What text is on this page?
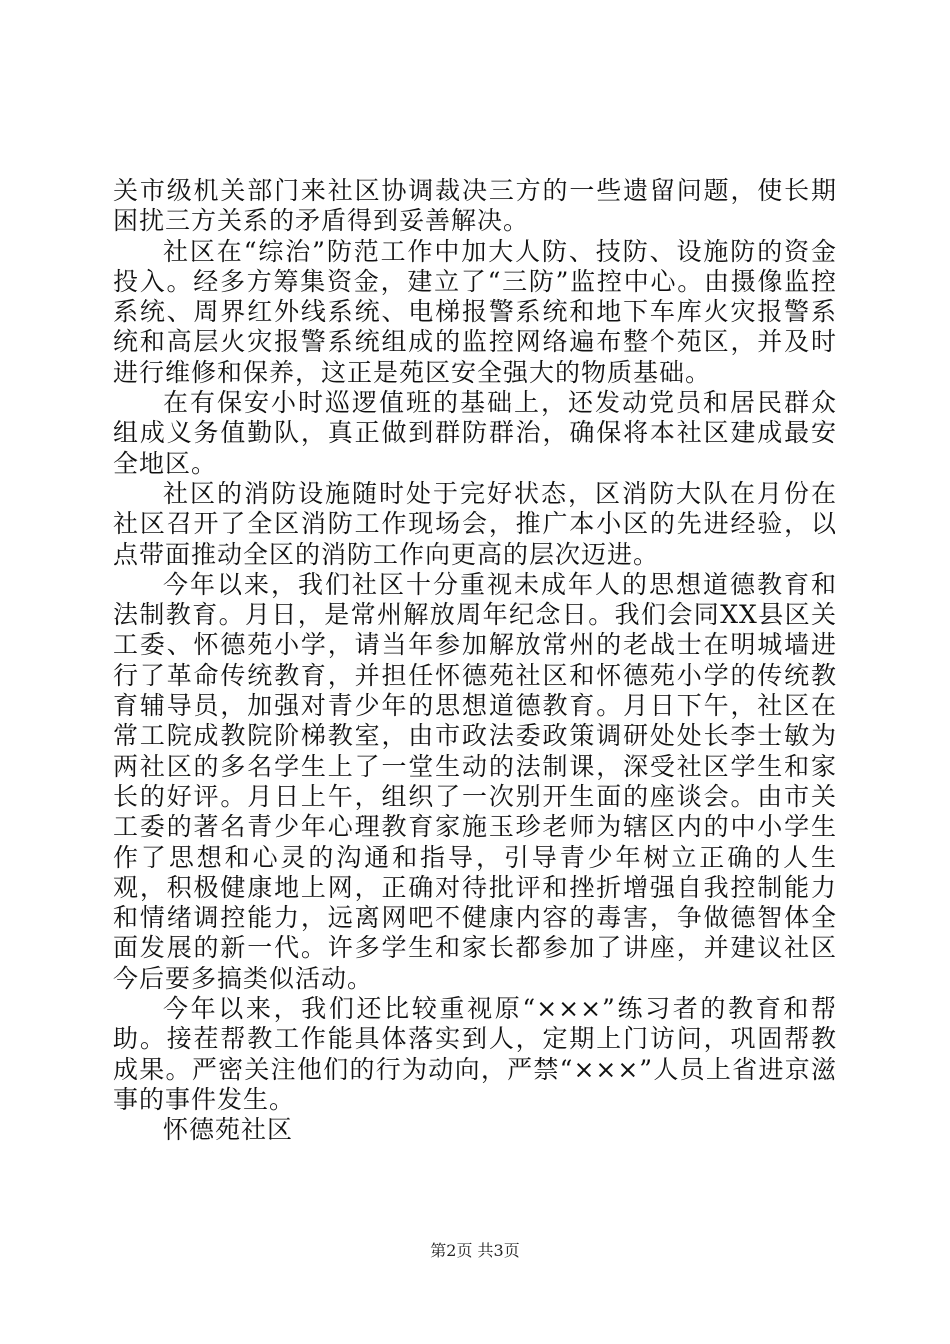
关市级机关部门来社区协调裁决三方的一些遗留问题，使长期困扰三方关系的矛盾得到妥善解决。

社区在“综治”防范工作中加大人防、技防、设施防的资金投入。经多方筹集资金，建立了“三防”监控中心。由摄像监控系统、周界红外线系统、电梯报警系统和地下车库火灾报警系统和高层火灾报警系统组成的监控网络遍布整个苑区，并及时进行维修和保养，这正是苑区安全强大的物质基础。

在有保安小时巡逻值班的基础上，还发动党员和居民群众组成义务值勤队，真正做到群防群治，确保将本社区建成最安全地区。

社区的消防设施随时处于完好状态，区消防大队在月份在社区召开了全区消防工作现场会，推广本小区的先进经验，以点带面推动全区的消防工作向更高的层次迈进。

今年以来，我们社区十分重视未成年人的思想道德教育和法制教育。月日，是常州解放周年纪念日。我们会同XX县区关工委、怀德苑小学，请当年参加解放常州的老战士在明城墙进行了革命传统教育，并担任怀德苑社区和怀德苑小学的传统教育辅导员，加强对青少年的思想道德教育。月日下午，社区在常工院成教院阶梯教室，由市政法委政策调研处处长李士敏为两社区的多名学生上了一堂生动的法制课，深受社区学生和家长的好评。月日上午，组织了一次别开生面的座谈会。由市关工委的著名青少年心理教育家施玉珍老师为辖区内的中小学生作了思想和心灵的沟通和指导，引导青少年树立正确的人生观，积极健康地上网，正确对待批评和挫折增强自我控制能力和情绪调控能力，远离网吧不健康内容的毒害，争做德智体全面发展的新一代。许多学生和家长都参加了讲座，并建议社区今后要多搞类似活动。

今年以来，我们还比较重视原“×××”练习者的教育和帮助。接茬帮教工作能具体落实到人，定期上门访问，巩固帮教成果。严密关注他们的行为动向，严禁“×××”人员上省进京滋事的事件发生。

怀德苑社区

第2页 共3页
